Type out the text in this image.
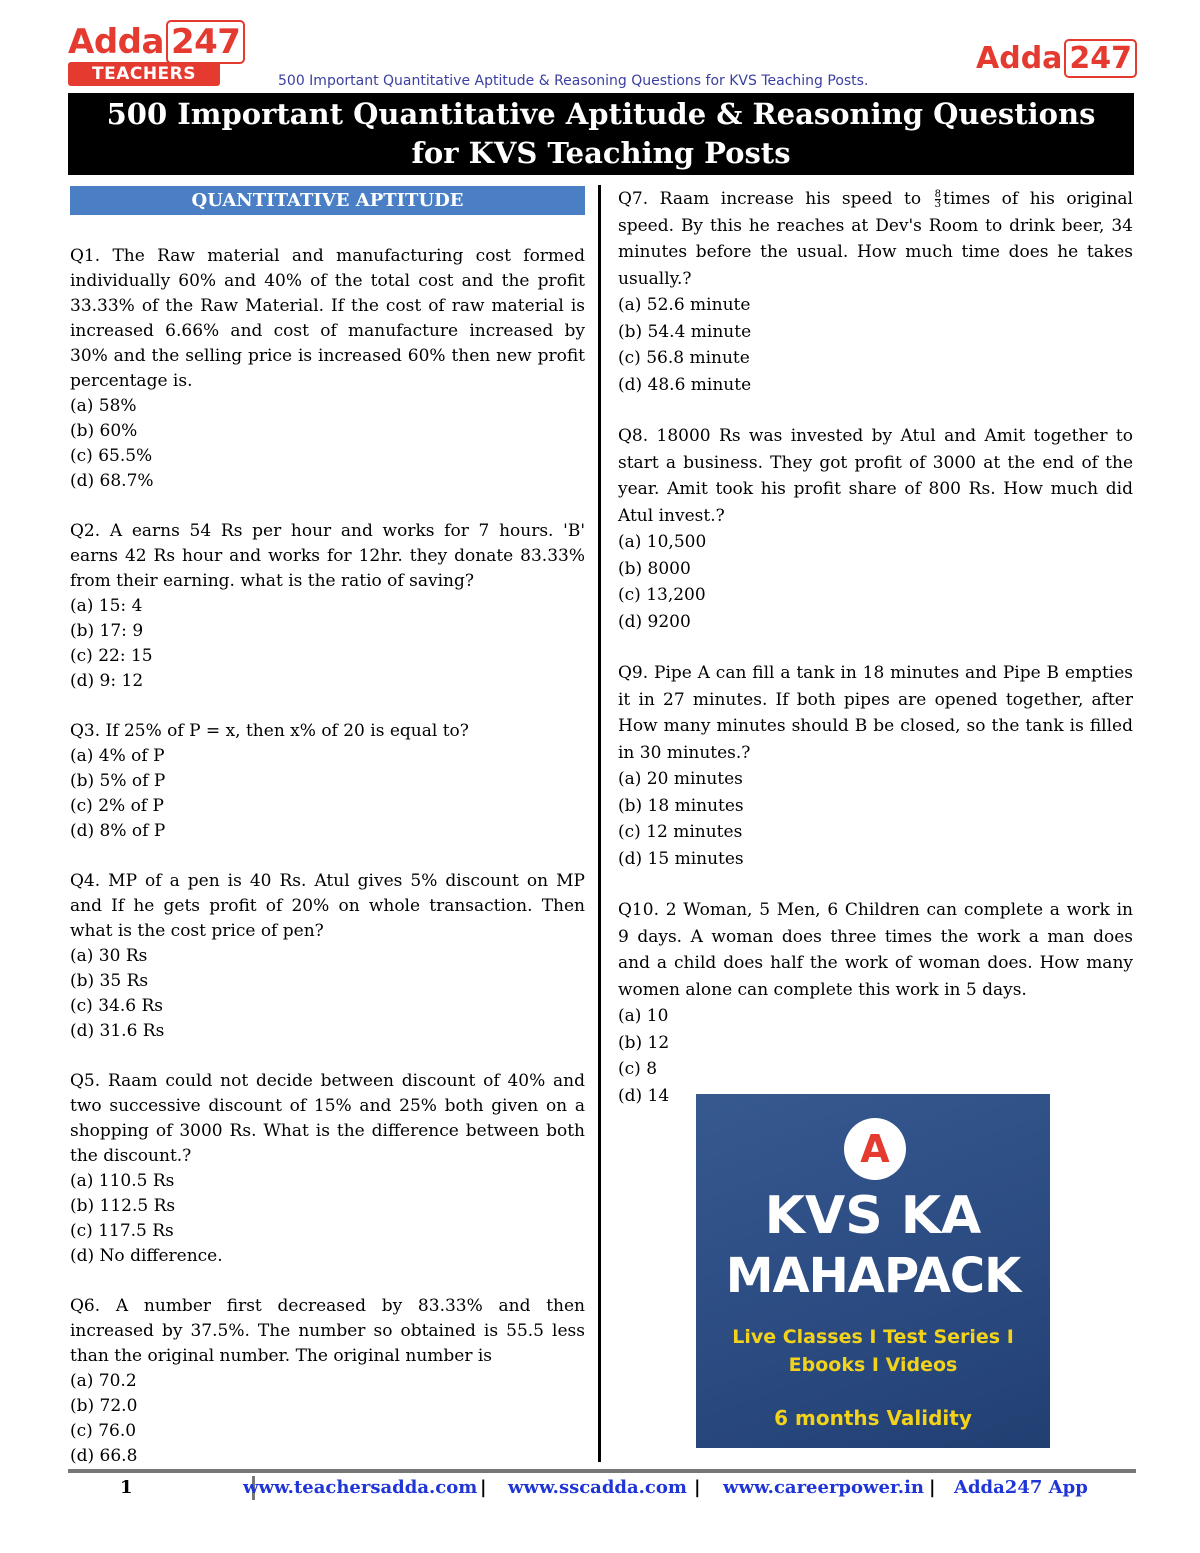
Adda 247
TEACHERS	500 Important Quantitative Aptitude & Reasoning Questions for KVS Teaching Posts.
Adda 247
500 Important Quantitative Aptitude & Reasoning Questions for KVS Teaching Posts
QUANTITATIVE APTITUDE
Q1. The Raw material and manufacturing cost formed individually 60% and 40% of the total cost and the profit 33.33% of the Raw Material. If the cost of raw material is increased 6.66% and cost of manufacture increased by 30% and the selling price is increased 60% then new profit percentage is.
(a) 58%
(b) 60%
(c) 65.5%
(d) 68.7%
Q2. A earns 54 Rs per hour and works for 7 hours. 'B' earns 42 Rs hour and works for 12hr. they donate 83.33% from their earning. what is the ratio of saving?
(a) 15: 4
(b) 17: 9
(c) 22: 15
(d) 9: 12
Q3. If 25% of P = x, then x% of 20 is equal to?
(a) 4% of P
(b) 5% of P
(c) 2% of P
(d) 8% of P
Q4. MP of a pen is 40 Rs. Atul gives 5% discount on MP and If he gets profit of 20% on whole transaction. Then what is the cost price of pen?
(a) 30 Rs
(b) 35 Rs
(c) 34.6 Rs
(d) 31.6 Rs
Q5. Raam could not decide between discount of 40% and two successive discount of 15% and 25% both given on a shopping of 3000 Rs. What is the difference between both the discount.?
(a) 110.5 Rs
(b) 112.5 Rs
(c) 117.5 Rs
(d) No difference.
Q6. A number first decreased by 83.33% and then increased by 37.5%. The number so obtained is 55.5 less than the original number. The original number is
(a) 70.2
(b) 72.0
(c) 76.0
(d) 66.8
Q7. Raam increase his speed to $\frac{8}{3}$ times of his original speed. By this he reaches at Dev's Room to drink beer, 34 minutes before the usual. How much time does he takes usually.?
(a) 52.6 minute
(b) 54.4 minute
(c) 56.8 minute
(d) 48.6 minute
Q8. 18000 Rs was invested by Atul and Amit together to start a business. They got profit of 3000 at the end of the year. Amit took his profit share of 800 Rs. How much did Atul invest.?
(a) 10,500
(b) 8000
(c) 13,200
(d) 9200
Q9. Pipe A can fill a tank in 18 minutes and Pipe B empties it in 27 minutes. If both pipes are opened together, after How many minutes should B be closed, so the tank is filled in 30 minutes.?
(a) 20 minutes
(b) 18 minutes
(c) 12 minutes
(d) 15 minutes
Q10. 2 Woman, 5 Men, 6 Children can complete a work in 9 days. A woman does three times the work a man does and a child does half the work of woman does. How many women alone can complete this work in 5 days.
(a) 10
(b) 12
(c) 8
(d) 14
A
KVS KA
MAHAPACK
Live Classes I Test Series I
Ebooks I Videos
6 months Validity
1	www.teachersadda.com | www.sscadda.com | www.careerpower.in | Adda247 App
